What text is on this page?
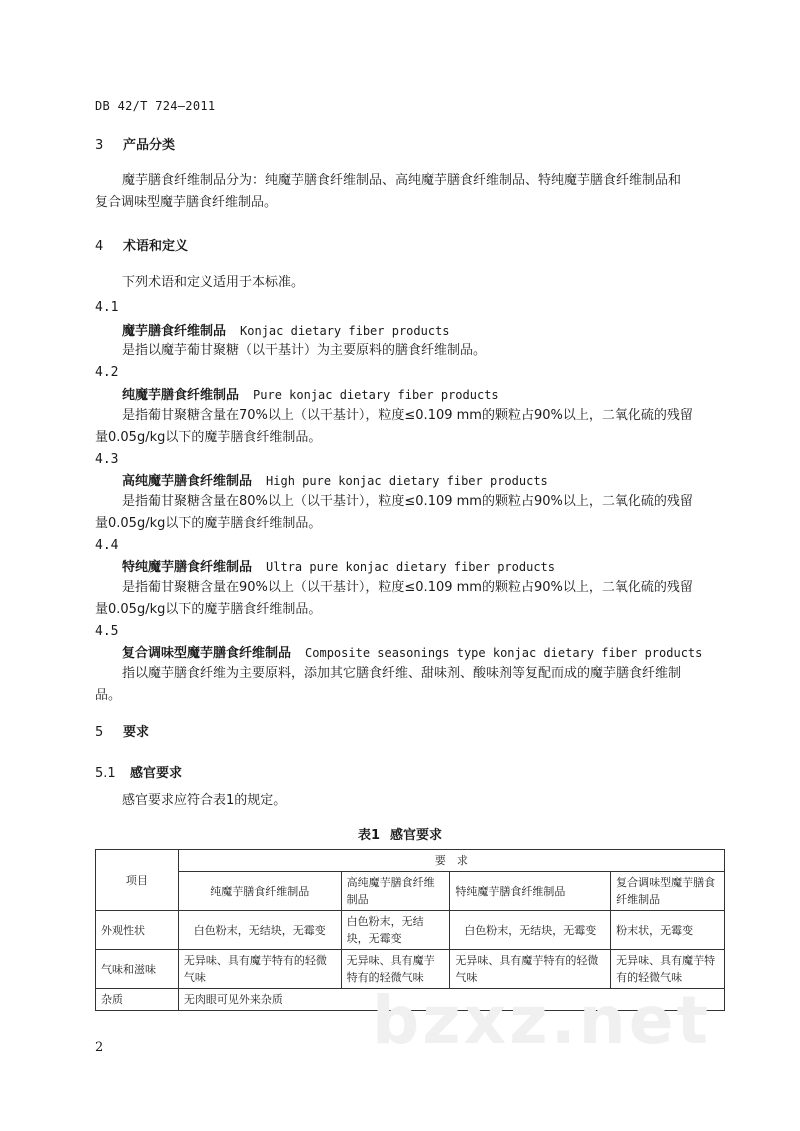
DB 42/T 724—2011
3 产品分类
魔芋膳食纤维制品分为：纯魔芋膳食纤维制品、高纯魔芋膳食纤维制品、特纯魔芋膳食纤维制品和
复合调味型魔芋膳食纤维制品。
4 术语和定义
下列术语和定义适用于本标准。
4.1
魔芋膳食纤维制品 Konjac dietary fiber products
是指以魔芋葡甘聚糖（以干基计）为主要原料的膳食纤维制品。
4.2
纯魔芋膳食纤维制品 Pure konjac dietary fiber products
是指葡甘聚糖含量在70%以上（以干基计），粒度≤0.109 mm的颗粒占90%以上，二氧化硫的残留
量0.05g/kg以下的魔芋膳食纤维制品。
4.3
高纯魔芋膳食纤维制品 High pure konjac dietary fiber products
是指葡甘聚糖含量在80%以上（以干基计），粒度≤0.109 mm的颗粒占90%以上，二氧化硫的残留
量0.05g/kg以下的魔芋膳食纤维制品。
4.4
特纯魔芋膳食纤维制品 Ultra pure konjac dietary fiber products
是指葡甘聚糖含量在90%以上（以干基计），粒度≤0.109 mm的颗粒占90%以上，二氧化硫的残留
量0.05g/kg以下的魔芋膳食纤维制品。
4.5
复合调味型魔芋膳食纤维制品 Composite seasonings type konjac dietary fiber products
指以魔芋膳食纤维为主要原料，添加其它膳食纤维、甜味剂、酸味剂等复配而成的魔芋膳食纤维制
品。
5 要求
5.1 感官要求
感官要求应符合表1的规定。
表1 感官要求
项目	要　求			
	纯魔芋膳食纤维制品	高纯魔芋膳食纤维制品	特纯魔芋膳食纤维制品	复合调味型魔芋膳食纤维制品
外观性状	白色粉末，无结块，无霉变	白色粉末，无结块，无霉变	白色粉末，无结块，无霉变	粉末状，无霉变
气味和滋味	无异味、具有魔芋特有的轻微气味	无异味、具有魔芋特有的轻微气味	无异味、具有魔芋特有的轻微气味	无异味、具有魔芋特有的轻微气味
杂质	无肉眼可见外来杂质			bzxz.net
2
